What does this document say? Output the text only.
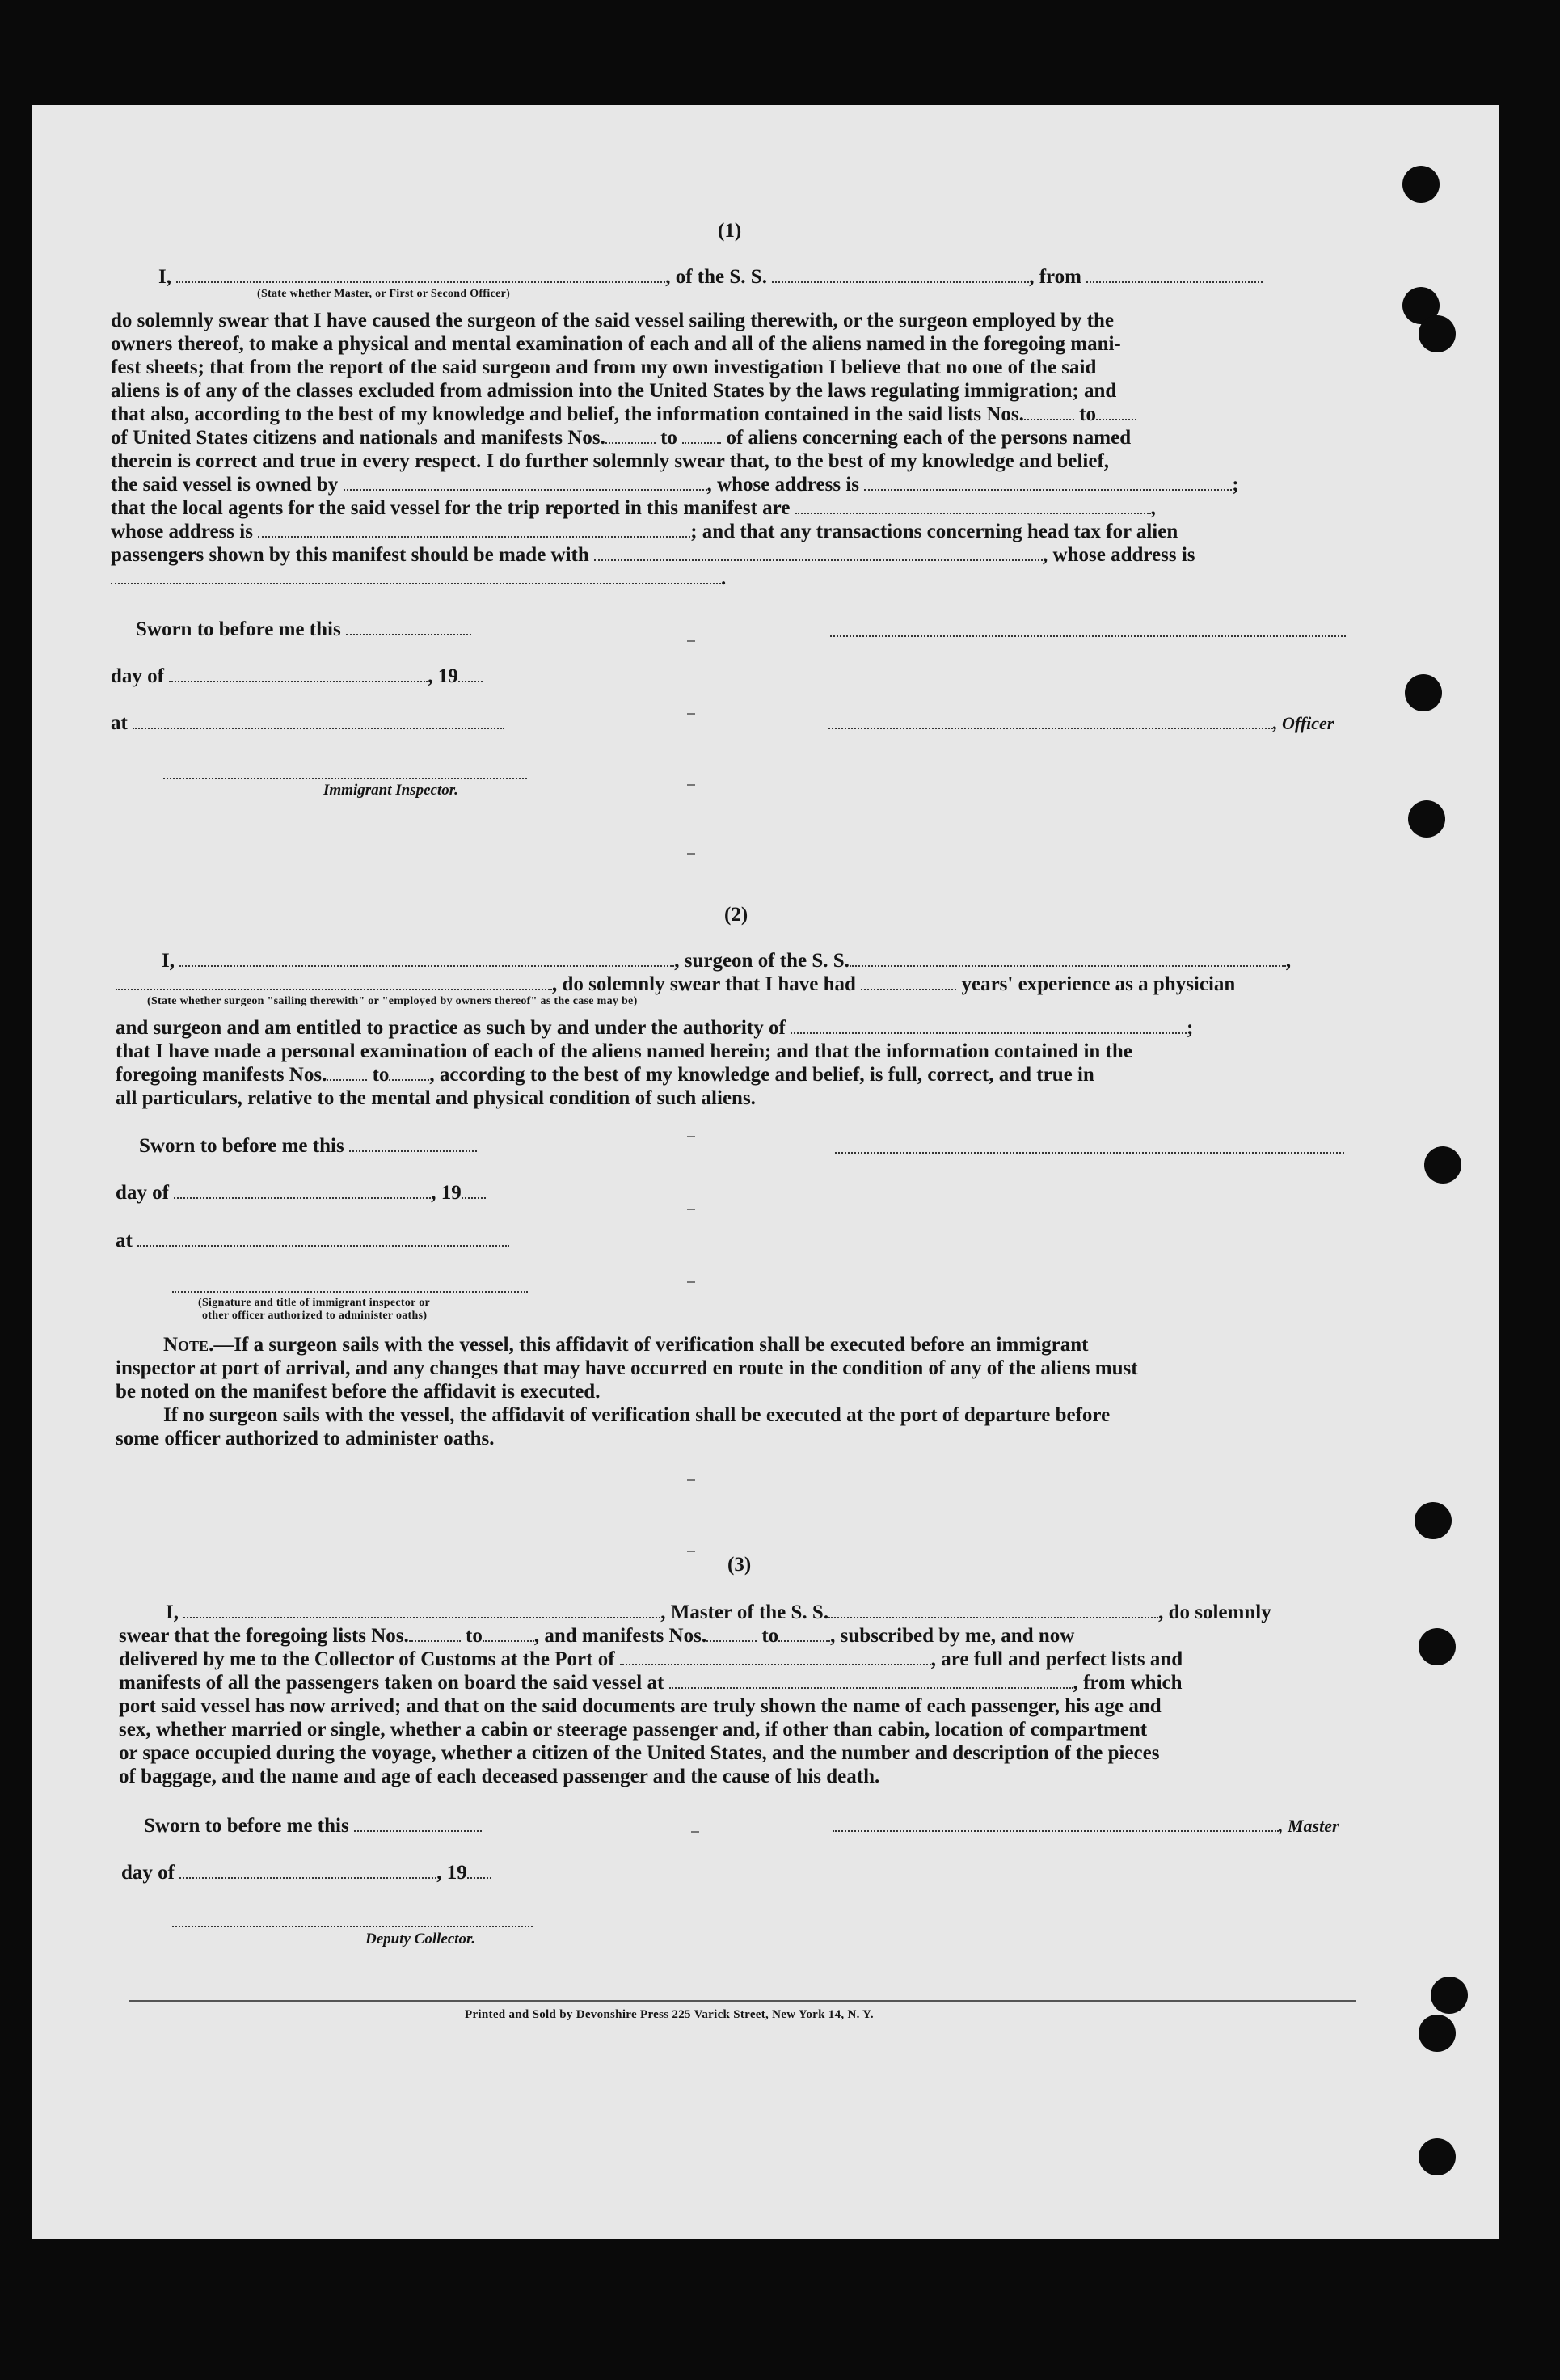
(1)
I,	, of the S. S.	, from
(State whether Master, or First or Second Officer)
do solemnly swear that I have caused the surgeon of the said vessel sailing therewith, or the surgeon employed by the
owners thereof, to make a physical and mental examination of each and all of the aliens named in the foregoing mani-
fest sheets; that from the report of the said surgeon and from my own investigation I believe that no one of the said
aliens is of any of the classes excluded from admission into the United States by the laws regulating immigration; and
that also, according to the best of my knowledge and belief, the information contained in the said lists Nos.	to
of United States citizens and nationals and manifests Nos.	to of aliens concerning each of the persons named
therein is correct and true in every respect. I do further solemnly swear that, to the best of my knowledge and belief,
the said vessel is owned by	, whose address is	;
that the local agents for the said vessel for the trip reported in this manifest are	,
whose address is	; and that any transactions concerning head tax for alien
passengers shown by this manifest should be made with	, whose address is
.
Sworn to before me this
day of	, 19
at	, Officer
Immigrant Inspector.
(2)
I,	, surgeon of the S. S.	,
, do solemnly swear that I have had	years' experience as a physician
(State whether surgeon "sailing therewith" or "employed by owners thereof" as the case may be)
and surgeon and am entitled to practice as such by and under the authority of	;
that I have made a personal examination of each of the aliens named herein; and that the information contained in the
foregoing manifests Nos. to , according to the best of my knowledge and belief, is full, correct, and true in
all particulars, relative to the mental and physical condition of such aliens.
Sworn to before me this
day of	, 19
at
(Signature and title of immigrant inspector or
other officer authorized to administer oaths)
Note.—If a surgeon sails with the vessel, this affidavit of verification shall be executed before an immigrant
inspector at port of arrival, and any changes that may have occurred en route in the condition of any of the aliens must
be noted on the manifest before the affidavit is executed.
If no surgeon sails with the vessel, the affidavit of verification shall be executed at the port of departure before
some officer authorized to administer oaths.
(3)
I,	, Master of the S. S.	, do solemnly
swear that the foregoing lists Nos.	to	, and manifests Nos.	to	, subscribed by me, and now
delivered by me to the Collector of Customs at the Port of	, are full and perfect lists and
manifests of all the passengers taken on board the said vessel at	, from which
port said vessel has now arrived; and that on the said documents are truly shown the name of each passenger, his age and
sex, whether married or single, whether a cabin or steerage passenger and, if other than cabin, location of compartment
or space occupied during the voyage, whether a citizen of the United States, and the number and description of the pieces
of baggage, and the name and age of each deceased passenger and the cause of his death.
Sworn to before me this	, Master
day of	, 19
Deputy Collector.
Printed and Sold by Devonshire Press 225 Varick Street, New York 14, N. Y.
